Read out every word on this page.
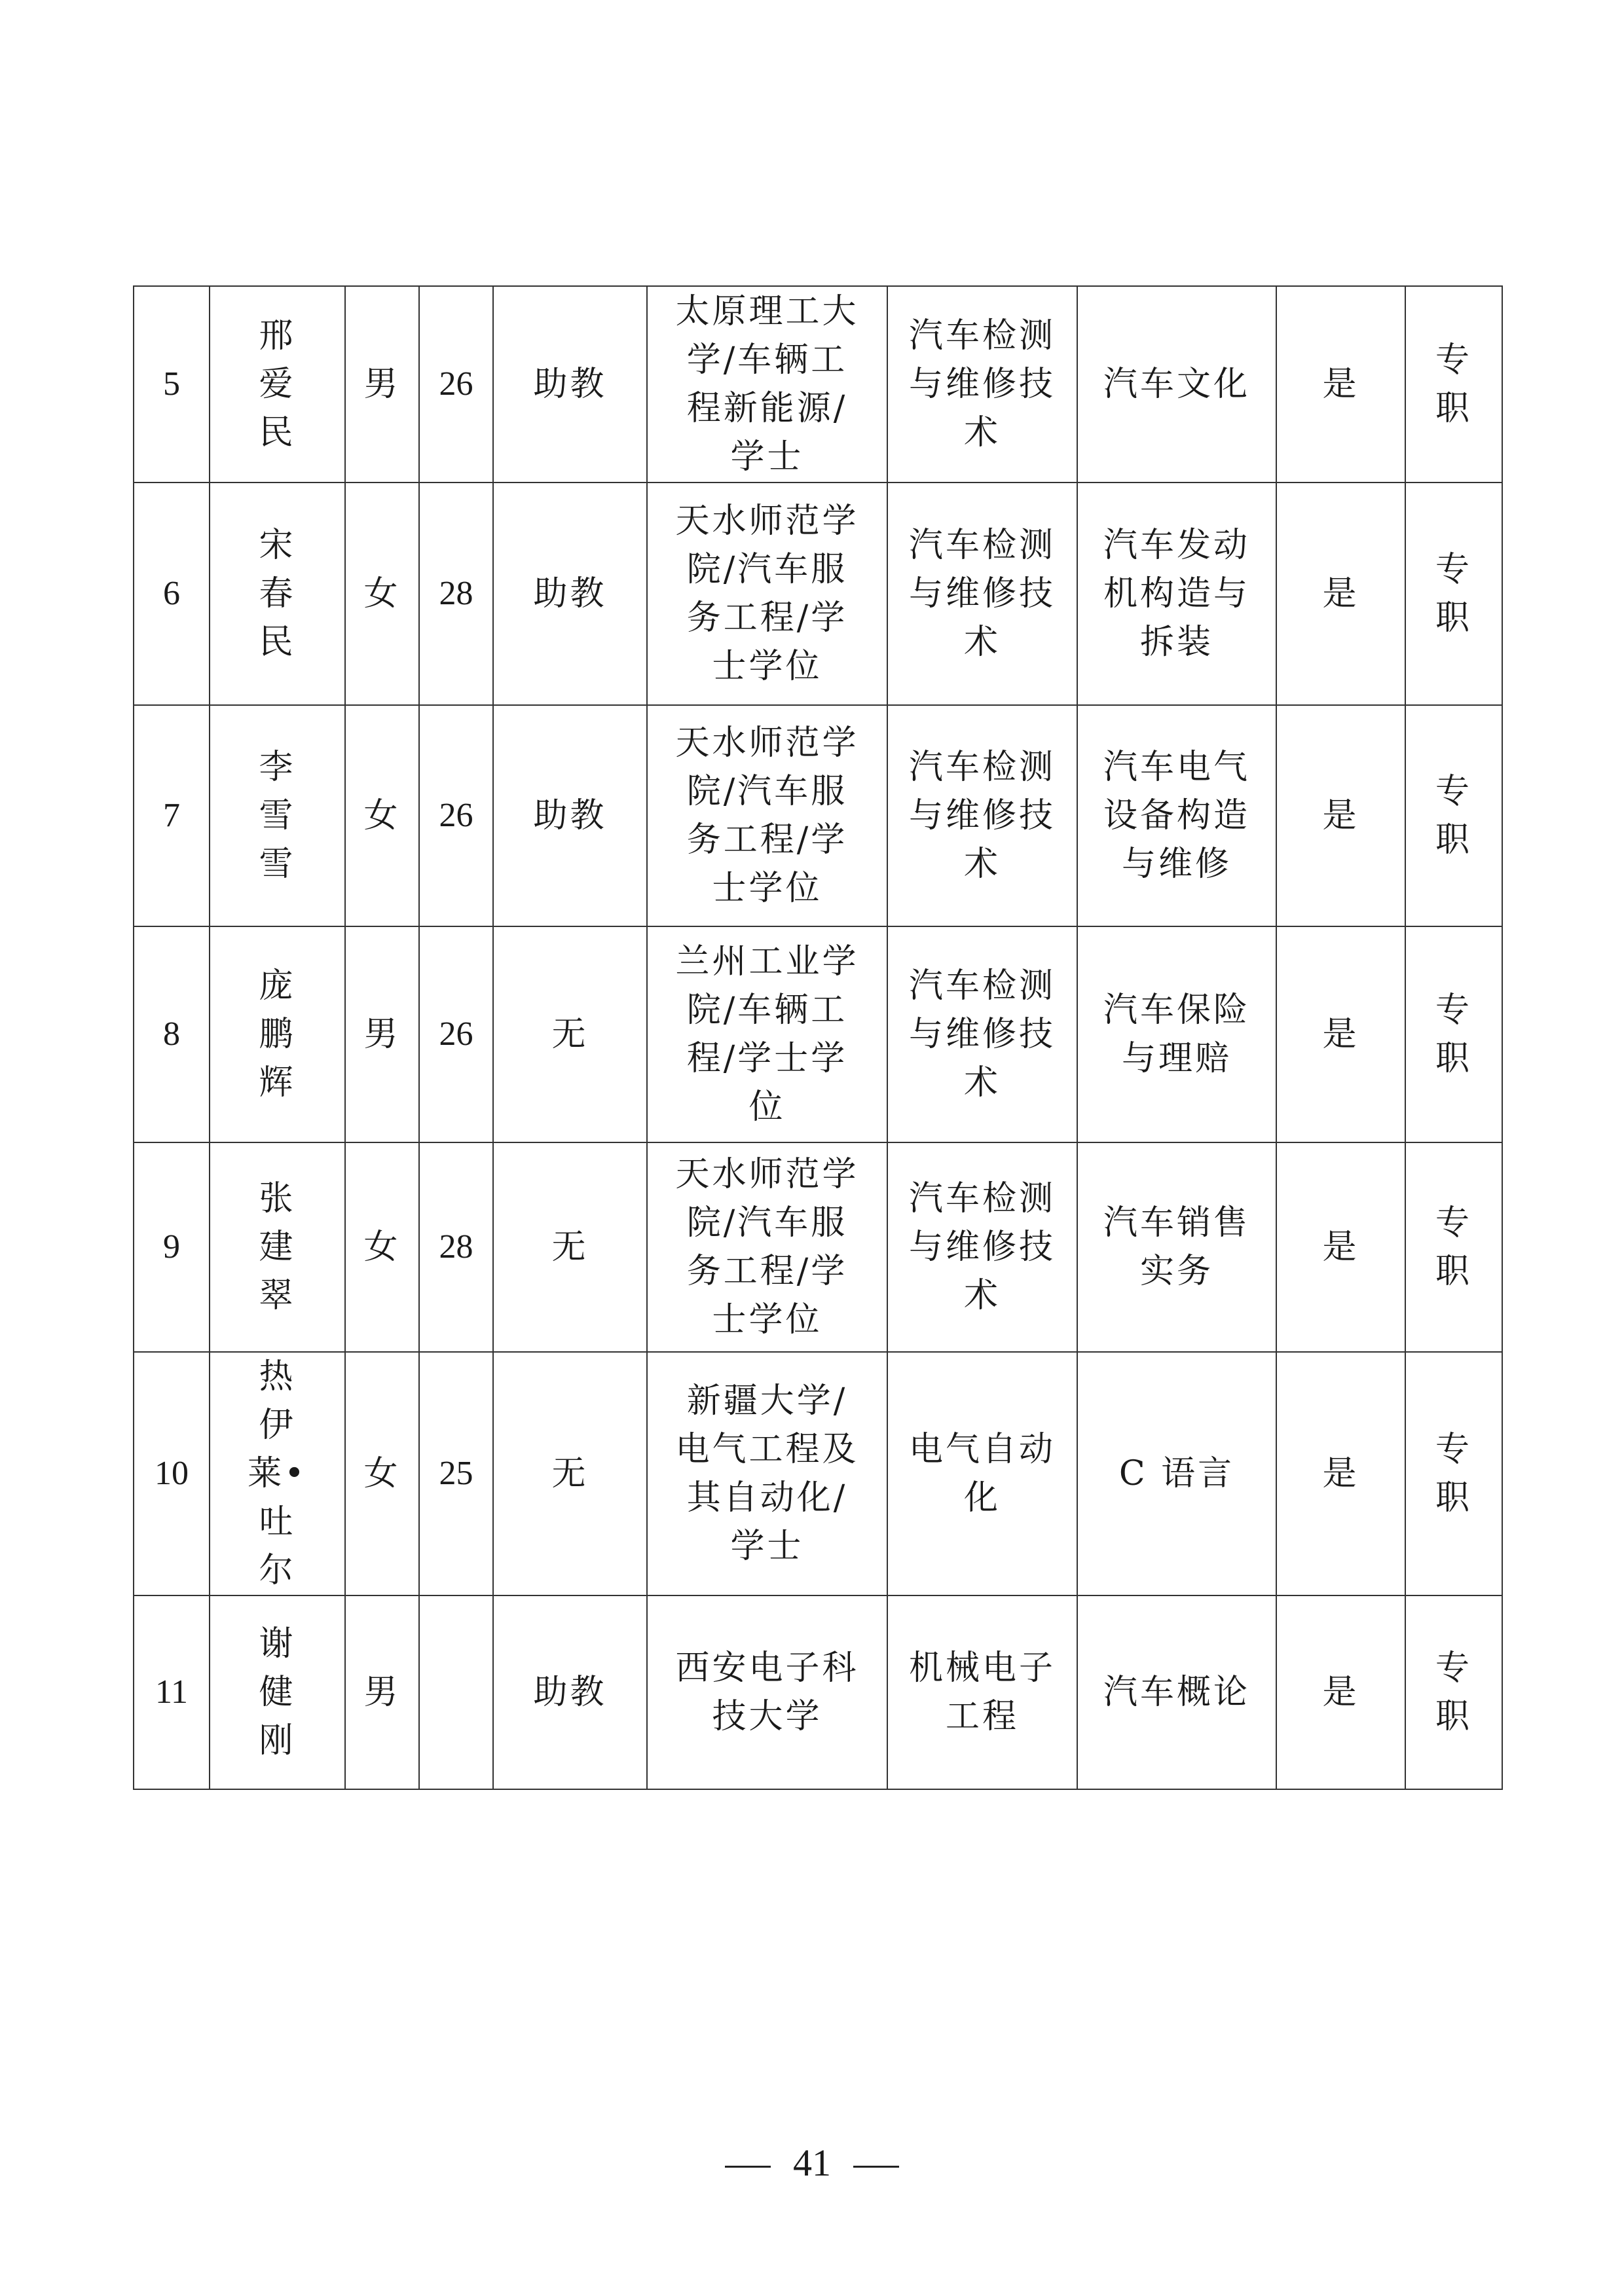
5	邢爱民	男	26	助教	太原理工大学/车辆工程新能源/学士	汽车检测与维修技术	汽车文化	是	专职
6	宋春民	女	28	助教	天水师范学院/汽车服务工程/学士学位	汽车检测与维修技术	汽车发动机构造与拆装	是	专职
7	李雪雪	女	26	助教	天水师范学院/汽车服务工程/学士学位	汽车检测与维修技术	汽车电气设备构造与维修	是	专职
8	庞鹏辉	男	26	无	兰州工业学院/车辆工程/学士学位	汽车检测与维修技术	汽车保险与理赔	是	专职
9	张建翠	女	28	无	天水师范学院/汽车服务工程/学士学位	汽车检测与维修技术	汽车销售实务	是	专职
10	热伊莱•吐尔	女	25	无	新疆大学/电气工程及其自动化/学士	电气自动化	C 语言	是	专职
11	谢健刚	男		助教	西安电子科技大学	机械电子工程	汽车概论	是	专职
41
